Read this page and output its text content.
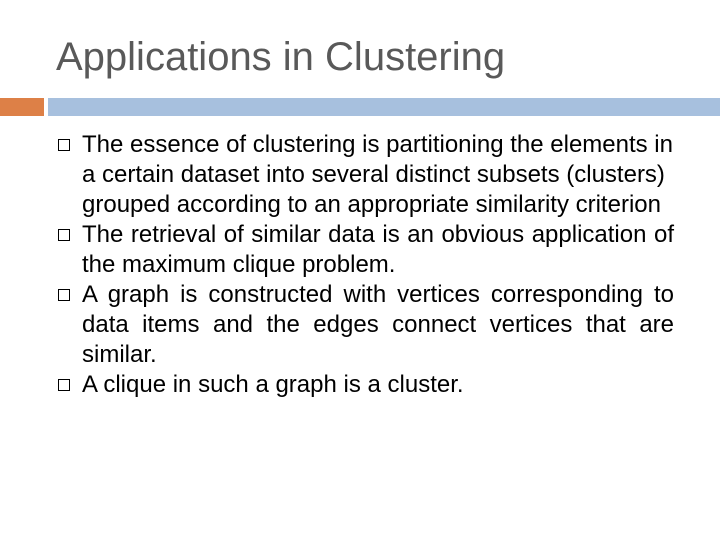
Applications in Clustering
The essence of clustering is partitioning the elements in a certain dataset into several distinct subsets (clusters) grouped according to an appropriate similarity criterion
The retrieval of similar data is an obvious application of the maximum clique problem.
A graph is constructed with vertices corresponding to data items and the edges connect vertices that are similar.
A clique in such a graph is a cluster.
